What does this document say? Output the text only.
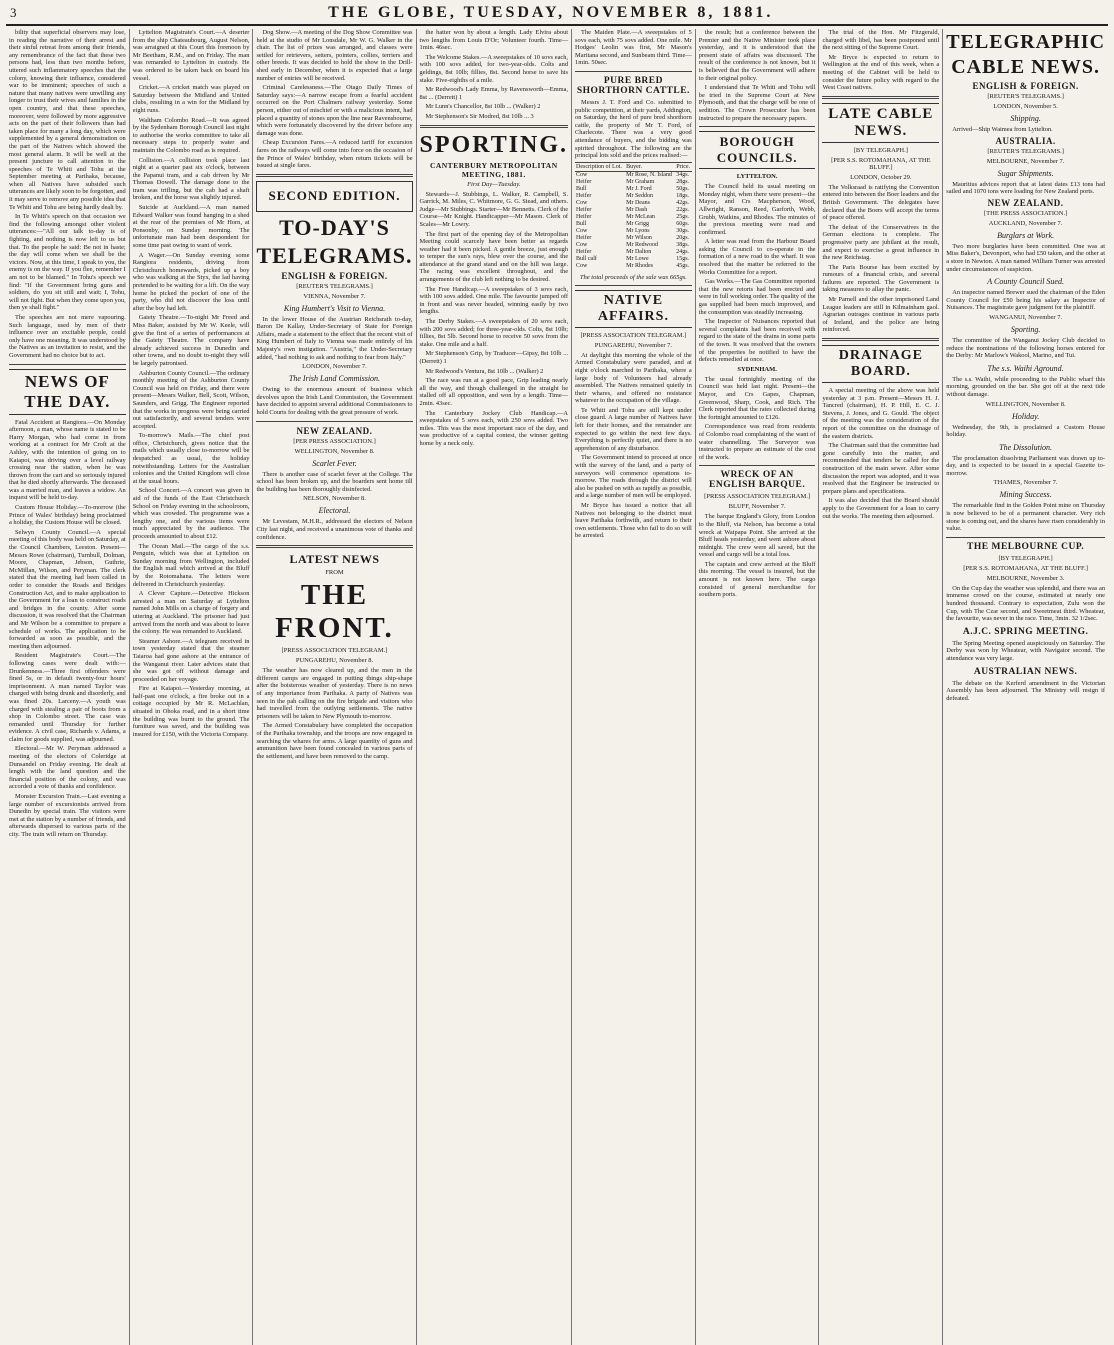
3	THE GLOBE, TUESDAY, NOVEMBER 8, 1881.

bility that superficial observers may lose, in reading the narrative of their arrest and their sinful retreat from among their friends, any remembrance of the fact that these two persons had, less than two months before, uttered such inflammatory speeches that the colony, knowing their influence, considered war to be imminent; speeches of such a nature that many natives were unwilling any longer to trust their wives and families in the open country, and that these speeches, moreover, were followed by more aggressive acts on the part of their followers than had taken place for many a long day, which were supplemented by a general demonstration on the part of the Natives which showed the most general alarm. It will be well at the present juncture to call attention to the speeches of Te Whiti and Tohu at the September meeting at Parihaka, because, when all Natives have subsided such utterances are likely soon to be forgotten, and it may serve to remove any possible idea that Te Whiti and Tohu are being hardly dealt by.

In Te Whiti's speech on that occasion we find the following amongst other violent utterances:—"All our talk to-day is of fighting, and nothing is now left to us but that. To the people he said: Be not in haste; the day will come when we shall be the victors. Now, at this time, I speak to you, the enemy is on the way. If you flee, remember I am not to be blamed." In Tohu's speech we find: "If the Government bring guns and soldiers, do you sit still and wait; I, Tohu, will not fight. But when they come upon you, then ye shall fight."

The speeches are not mere vapouring. Such language, used by men of their influence over an excitable people, could only have one meaning. It was understood by the Natives as an invitation to resist, and the Government had no choice but to act.

NEWS OF THE DAY.

Fatal Accident at Rangiora.—On Monday afternoon, a man, whose name is stated to be Harry Morgan, who had come in from working at a contract for Mr Croft at the Ashley, with the intention of going on to Kaiapoi, was driving over a level railway crossing near the station, when he was thrown from the cart and so seriously injured that he died shortly afterwards. The deceased was a married man, and leaves a widow. An inquest will be held to-day.

Custom House Holiday.—To-morrow (the Prince of Wales' birthday) being proclaimed a holiday, the Custom House will be closed.

Selwyn County Council.—A special meeting of this body was held on Saturday, at the Council Chambers, Leeston. Present—Messrs Rowe (chairman), Turnbull, Dolman, Moore, Chapman, Jebson, Guthrie, McMillan, Wilson, and Peryman. The clerk stated that the meeting had been called in order to consider the Roads and Bridges Construction Act, and to make application to the Government for a loan to construct roads and bridges in the county. After some discussion, it was resolved that the Chairman and Mr Wilson be a committee to prepare a schedule of works. The application to be forwarded as soon as possible, and the meeting then adjourned.

Resident Magistrate's Court.—The following cases were dealt with:—Drunkenness.—Three first offenders were fined 5s, or in default twenty-four hours' imprisonment. A man named Taylor was charged with being drunk and disorderly, and was fined 20s. Larceny.—A youth was charged with stealing a pair of boots from a shop in Colombo street. The case was remanded until Thursday for further evidence. A civil case, Richards v. Adams, a claim for goods supplied, was adjourned.

Electoral.—Mr W. Peryman addressed a meeting of the electors of Coleridge at Dunsandel on Friday evening. He dealt at length with the land question and the financial position of the colony, and was accorded a vote of thanks and confidence.

Monster Excursion Train.—Last evening a large number of excursionists arrived from Dunedin by special train. The visitors were met at the station by a number of friends, and afterwards dispersed to various parts of the city. The train will return on Thursday.

Lyttelton Magistrate's Court.—A deserter from the ship Chateaubourg, August Nelson, was arraigned at this Court this forenoon by Mr Beetham, R.M., and on Friday. The man was remanded to Lyttelton in custody. He was ordered to be taken back on board his vessel.

Cricket.—A cricket match was played on Saturday between the Midland and United clubs, resulting in a win for the Midland by eight runs.

Waltham Colombo Road.—It was agreed by the Sydenham Borough Council last night to authorise the works committee to take all necessary steps to properly water and maintain the Colombo road as is required.

Collision.—A collision took place last night at a quarter past six o'clock, between the Papanui tram, and a cab driven by Mr Thomas Dowell. The damage done to the tram was trifling, but the cab had a shaft broken, and the horse was slightly injured.

Suicide at Auckland.—A man named Edward Walker was found hanging in a shed at the rear of the premises of Mr Horn, at Ponsonby, on Sunday morning. The unfortunate man had been despondent for some time past owing to want of work.

A Wager.—On Sunday evening some Rangiora residents, driving from Christchurch homewards, picked up a boy who was walking at the Styx, the lad having pretended to be waiting for a lift. On the way home he picked the pocket of one of the party, who did not discover the loss until after the boy had left.

Gaiety Theatre.—To-night Mr Freed and Miss Baker, assisted by Mr W. Keele, will give the first of a series of performances at the Gaiety Theatre. The company have already achieved success in Dunedin and other towns, and no doubt to-night they will be largely patronised.

Ashburton County Council.—The ordinary monthly meeting of the Ashburton County Council was held on Friday, and there were present—Messrs Walker, Bell, Scott, Wilson, Saunders, and Grigg. The Engineer reported that the works in progress were being carried out satisfactorily, and several tenders were accepted.

To-morrow's Mails.—The chief post office, Christchurch, gives notice that the mails which usually close to-morrow will be despatched as usual, the holiday notwithstanding. Letters for the Australian colonies and the United Kingdom will close at the usual hours.

School Concert.—A concert was given in aid of the funds of the East Christchurch School on Friday evening in the schoolroom, which was crowded. The programme was a lengthy one, and the various items were much appreciated by the audience. The proceeds amounted to about £12.

The Ocean Mail.—The cargo of the s.s. Penguin, which was due at Lyttelton on Sunday morning from Wellington, included the English mail which arrived at the Bluff by the Rotomahana. The letters were delivered in Christchurch yesterday.

A Clever Capture.—Detective Hickson arrested a man on Saturday at Lyttelton named John Mills on a charge of forgery and uttering at Auckland. The prisoner had just arrived from the north and was about to leave the colony. He was remanded to Auckland.

Steamer Ashore.—A telegram received in town yesterday stated that the steamer Taiaroa had gone ashore at the entrance of the Wanganui river. Later advices state that she was got off without damage and proceeded on her voyage.

Fire at Kaiapoi.—Yesterday morning, at half-past one o'clock, a fire broke out in a cottage occupied by Mr R. McLachlan, situated in Ohoka road, and in a short time the building was burnt to the ground. The furniture was saved, and the building was insured for £150, with the Victoria Company.

Dog Show.—A meeting of the Dog Show Committee was held at the studio of Mr Lonsdale, Mr W. G. Walker in the chair. The list of prizes was arranged, and classes were settled for retrievers, setters, pointers, collies, terriers and other breeds. It was decided to hold the show in the Drill-shed early in December, when it is expected that a large number of entries will be received.

Criminal Carelessness.—The Otago Daily Times of Saturday says:—A narrow escape from a fearful accident occurred on the Port Chalmers railway yesterday. Some person, either out of mischief or with a malicious intent, had placed a quantity of stones upon the line near Ravensbourne, which were fortunately discovered by the driver before any damage was done.

Cheap Excursion Fares.—A reduced tariff for excursion fares on the railways will come into force on the occasion of the Prince of Wales' birthday, when return tickets will be issued at single fares.

SECOND EDITION.
TO-DAY'S
TELEGRAMS.
ENGLISH & FOREIGN.
[REUTER'S TELEGRAMS.]
VIENNA, November 7.
King Humbert's Visit to Vienna.

In the lower House of the Austrian Reichsrath to-day, Baron De Kallay, Under-Secretary of State for Foreign Affairs, made a statement to the effect that the recent visit of King Humbert of Italy to Vienna was made entirely of his Majesty's own instigation. "Austria," the Under-Secretary added, "had nothing to ask and nothing to fear from Italy."

LONDON, November 7.
The Irish Land Commission.

Owing to the enormous amount of business which devolves upon the Irish Land Commission, the Government have decided to appoint several additional Commissioners to hold Courts for dealing with the great pressure of work.

NEW ZEALAND.
[PER PRESS ASSOCIATION.]
WELLINGTON, November 8.
Scarlet Fever.

There is another case of scarlet fever at the College. The school has been broken up, and the boarders sent home till the building has been thoroughly disinfected.

NELSON, November 8.
Electoral.

Mr Levestam, M.H.R., addressed the electors of Nelson City last night, and received a unanimous vote of thanks and confidence.

LATEST NEWS
FROM
THE FRONT.
[PRESS ASSOCIATION TELEGRAM.]
PUNGAREHU, November 8.

The weather has now cleared up, and the men in the different camps are engaged in putting things ship-shape after the boisterous weather of yesterday. There is no news of any importance from Parihaka. A party of Natives was seen in the pah calling on the fire brigade and visitors who had travelled from the outlying settlements. The native prisoners will be taken to New Plymouth to-morrow.

The Armed Constabulary have completed the occupation of the Parihaka township, and the troops are now engaged in searching the whares for arms. A large quantity of guns and ammunition have been found concealed in various parts of the settlement, and have been removed to the camp.

the hatter won by about a length. Lady Elvira about two lengths from Louis D'Or; Volunteer fourth. Time—1min. 46sec.

The Welcome Stakes.—A sweepstakes of 10 sovs each, with 100 sovs added, for two-year-olds. Colts and geldings, 8st 10lb; fillies, 8st. Second horse to save his stake. Five-eighths of a mile.

Mr Redwood's Lady Emma, by Ravensworth—Emma, 8st ... (Derrett) 1

Mr Lunn's Chancellor, 8st 10lb ... (Walker) 2

Mr Stephenson's Sir Modred, 8st 10lb ... 3

SPORTING.
CANTERBURY METROPOLITAN MEETING, 1881.
First Day—Tuesday.

Stewards—J. Stubbings, L. Walker, R. Campbell, S. Garrick, M. Miles, C. Whitmore, G. G. Stead, and others. Judge—Mr Stubbings. Starter—Mr Bennetts. Clerk of the Course—Mr Knight. Handicapper—Mr Mason. Clerk of Scales—Mr Lowry.

The first part of the opening day of the Metropolitan Meeting could scarcely have been better as regards weather had it been picked. A gentle breeze, just enough to temper the sun's rays, blew over the course, and the attendance at the grand stand and on the hill was large. The racing was excellent throughout, and the arrangements of the club left nothing to be desired.

The Free Handicap.—A sweepstakes of 3 sovs each, with 100 sovs added. One mile. The favourite jumped off in front and was never headed, winning easily by two lengths.

The Derby Stakes.—A sweepstakes of 20 sovs each, with 200 sovs added; for three-year-olds. Colts, 8st 10lb; fillies, 8st 5lb. Second horse to receive 50 sovs from the stake. One mile and a half.

Mr Stephenson's Grip, by Traducer—Gipsy, 8st 10lb ... (Derrett) 1

Mr Redwood's Ventura, 8st 10lb ... (Walker) 2

The race was run at a good pace, Grip leading nearly all the way, and though challenged in the straight he stalled off all opposition, and won by a length. Time—2min. 43sec.

The Canterbury Jockey Club Handicap.—A sweepstakes of 5 sovs each, with 250 sovs added. Two miles. This was the most important race of the day, and was productive of a capital contest, the winner getting home by a neck only.

The Maiden Plate.—A sweepstakes of 5 sovs each, with 75 sovs added. One mile. Mr Hodges' Leolin was first, Mr Mason's Maritana second, and Sunbeam third. Time—1min. 50sec.

PURE BRED SHORTHORN CATTLE.

Messrs J. T. Ford and Co. submitted to public competition, at their yards, Addington, on Saturday, the herd of pure bred shorthorn cattle, the property of Mr T. Ford, of Charlecote. There was a very good attendance of buyers, and the bidding was spirited throughout. The following are the principal lots sold and the prices realised:—

Description of Lot.	Buyer.	Price.
Cow	Mr Rose, N. Island	34gs.
Heifer	Mr Graham	28gs.
Bull	Mr J. Ford	50gs.
Heifer	Mr Seddon	18gs.
Cow	Mr Deans	42gs.
Heifer	Mr Dash	22gs.
Heifer	Mr McLean	25gs.
Bull	Mr Grigg	60gs.
Cow	Mr Lyons	30gs.
Heifer	Mr Wilson	20gs.
Cow	Mr Redwood	38gs.
Heifer	Mr Dalton	24gs.
Bull calf	Mr Lowe	15gs.
Cow	Mr Rhodes	45gs.
The total proceeds of the sale was 665gs.
NATIVE AFFAIRS.
[PRESS ASSOCIATION TELEGRAM.]
PUNGAREHU, November 7.

At daylight this morning the whole of the Armed Constabulary were paraded, and at eight o'clock marched to Parihaka, where a large body of Volunteers had already assembled. The Natives remained quietly in their whares, and offered no resistance whatever to the occupation of the village.

Te Whiti and Tohu are still kept under close guard. A large number of Natives have left for their homes, and the remainder are expected to go within the next few days. Everything is perfectly quiet, and there is no apprehension of any disturbance.

The Government intend to proceed at once with the survey of the land, and a party of surveyors will commence operations to-morrow. The roads through the district will also be pushed on with as rapidly as possible, and a large number of men will be employed.

Mr Bryce has issued a notice that all Natives not belonging to the district must leave Parihaka forthwith, and return to their own settlements. Those who fail to do so will be arrested.

the result; but a conference between the Premier and the Native Minister took place yesterday, and it is understood that the present state of affairs was discussed. The result of the conference is not known, but it is believed that the Government will adhere to their original policy.

I understand that Te Whiti and Tohu will be tried in the Supreme Court at New Plymouth, and that the charge will be one of sedition. The Crown Prosecutor has been instructed to prepare the necessary papers.

BOROUGH COUNCILS.
LYTTELTON.

The Council held its usual meeting on Monday night, when there were present—the Mayor, and Crs Macpherson, Wood, Allwright, Ranson, Reed, Garforth, Webb, Grubb, Watkins, and Rhodes. The minutes of the previous meeting were read and confirmed.

A letter was read from the Harbour Board asking the Council to co-operate in the formation of a new road to the wharf. It was resolved that the matter be referred to the Works Committee for a report.

Gas Works.—The Gas Committee reported that the new retorts had been erected and were in full working order. The quality of the gas supplied had been much improved, and the consumption was steadily increasing.

The Inspector of Nuisances reported that several complaints had been received with regard to the state of the drains in some parts of the town. It was resolved that the owners of the properties be notified to have the defects remedied at once.

SYDENHAM.

The usual fortnightly meeting of the Council was held last night. Present—the Mayor, and Crs Gapes, Chapman, Greenwood, Sharp, Cook, and Rich. The Clerk reported that the rates collected during the fortnight amounted to £126.

Correspondence was read from residents of Colombo road complaining of the want of water channelling. The Surveyor was instructed to prepare an estimate of the cost of the work.

WRECK OF AN ENGLISH BARQUE.
[PRESS ASSOCIATION TELEGRAM.]
BLUFF, November 7.

The barque England's Glory, from London to the Bluff, via Nelson, has become a total wreck at Waipapa Point. She arrived at the Bluff heads yesterday, and went ashore about midnight. The crew were all saved, but the vessel and cargo will be a total loss.

The captain and crew arrived at the Bluff this morning. The vessel is insured, but the amount is not known here. The cargo consisted of general merchandise for southern ports.

The trial of the Hon. Mr Fitzgerald, charged with libel, has been postponed until the next sitting of the Supreme Court.

Mr Bryce is expected to return to Wellington at the end of this week, when a meeting of the Cabinet will be held to consider the future policy with regard to the West Coast natives.

LATE CABLE NEWS.
[BY TELEGRAPH.]
[PER S.S. ROTOMAHANA, AT THE BLUFF.]
LONDON, October 29.

The Volksraad is ratifying the Convention entered into between the Boer leaders and the British Government. The delegates have declared that the Boers will accept the terms of peace offered.

The defeat of the Conservatives in the German elections is complete. The progressive party are jubilant at the result, and expect to exercise a great influence in the new Reichstag.

The Paris Bourse has been excited by rumours of a financial crisis, and several failures are reported. The Government is taking measures to allay the panic.

Mr Parnell and the other imprisoned Land League leaders are still in Kilmainham gaol. Agrarian outrages continue in various parts of Ireland, and the police are being reinforced.

DRAINAGE BOARD.

A special meeting of the above was held yesterday at 3 p.m. Present—Messrs H. J. Tancred (chairman), H. P. Hill, E. C. J. Stevens, J. Jones, and G. Gould. The object of the meeting was the consideration of the report of the committee on the drainage of the eastern districts.

The Chairman said that the committee had gone carefully into the matter, and recommended that tenders be called for the construction of the main sewer. After some discussion the report was adopted, and it was resolved that the Engineer be instructed to prepare plans and specifications.

It was also decided that the Board should apply to the Government for a loan to carry out the works. The meeting then adjourned.

TELEGRAPHIC
CABLE NEWS.
ENGLISH & FOREIGN.
[REUTER'S TELEGRAMS.]
LONDON, November 5.
Shipping.

Arrived—Ship Waimea from Lyttelton.

AUSTRALIA.
[REUTER'S TELEGRAMS.]
MELBOURNE, November 7.
Sugar Shipments.

Mauritius advices report that at latest dates £13 tons had sailed and 1070 tons were loading for New Zealand ports.

NEW ZEALAND.
[THE PRESS ASSOCIATION.]
AUCKLAND, November 7.
Burglars at Work.

Two more burglaries have been committed. One was at Miss Baker's, Devonport, who had £50 taken, and the other at a store in Newton. A man named William Turner was arrested under circumstances of suspicion.

A County Council Sued.

An inspector named Brewer sued the chairman of the Eden County Council for £50 being his salary as Inspector of Nuisances. The magistrate gave judgment for the plaintiff.

WANGANUI, November 7.
Sporting.

The committee of the Wanganui Jockey Club decided to reduce the nominations of the following horses entered for the Derby: Mr Marlow's Wakool, Marino, and Tui.

The s.s. Waihi Aground.

The s.s. Waihi, while proceeding to the Public wharf this morning, grounded on the bar. She got off at the next tide without damage.

WELLINGTON, November 8.
Holiday.

Wednesday, the 9th, is proclaimed a Custom House holiday.

The Dissolution.

The proclamation dissolving Parliament was drawn up to-day, and is expected to be issued in a special Gazette to-morrow.

THAMES, November 7.
Mining Success.

The remarkable find in the Golden Point mine on Thursday is now believed to be of a permanent character. Very rich stone is coming out, and the shares have risen considerably in value.

THE MELBOURNE CUP.
[BY TELEGRAPH.]
[PER S.S. ROTOMAHANA, AT THE BLUFF.]
MELBOURNE, November 3.

On the Cup day the weather was splendid, and there was an immense crowd on the course, estimated at nearly one hundred thousand. Contrary to expectation, Zulu won the Cup, with The Czar second, and Sweetmeat third. Wheatear, the favourite, was never in the race. Time, 3min. 32 1/2sec.

A.J.C. SPRING MEETING.

The Spring Meeting opened auspiciously on Saturday. The Derby was won by Wheatear, with Navigator second. The attendance was very large.

AUSTRALIAN NEWS.

The debate on the Kerferd amendment in the Victorian Assembly has been adjourned. The Ministry will resign if defeated.
